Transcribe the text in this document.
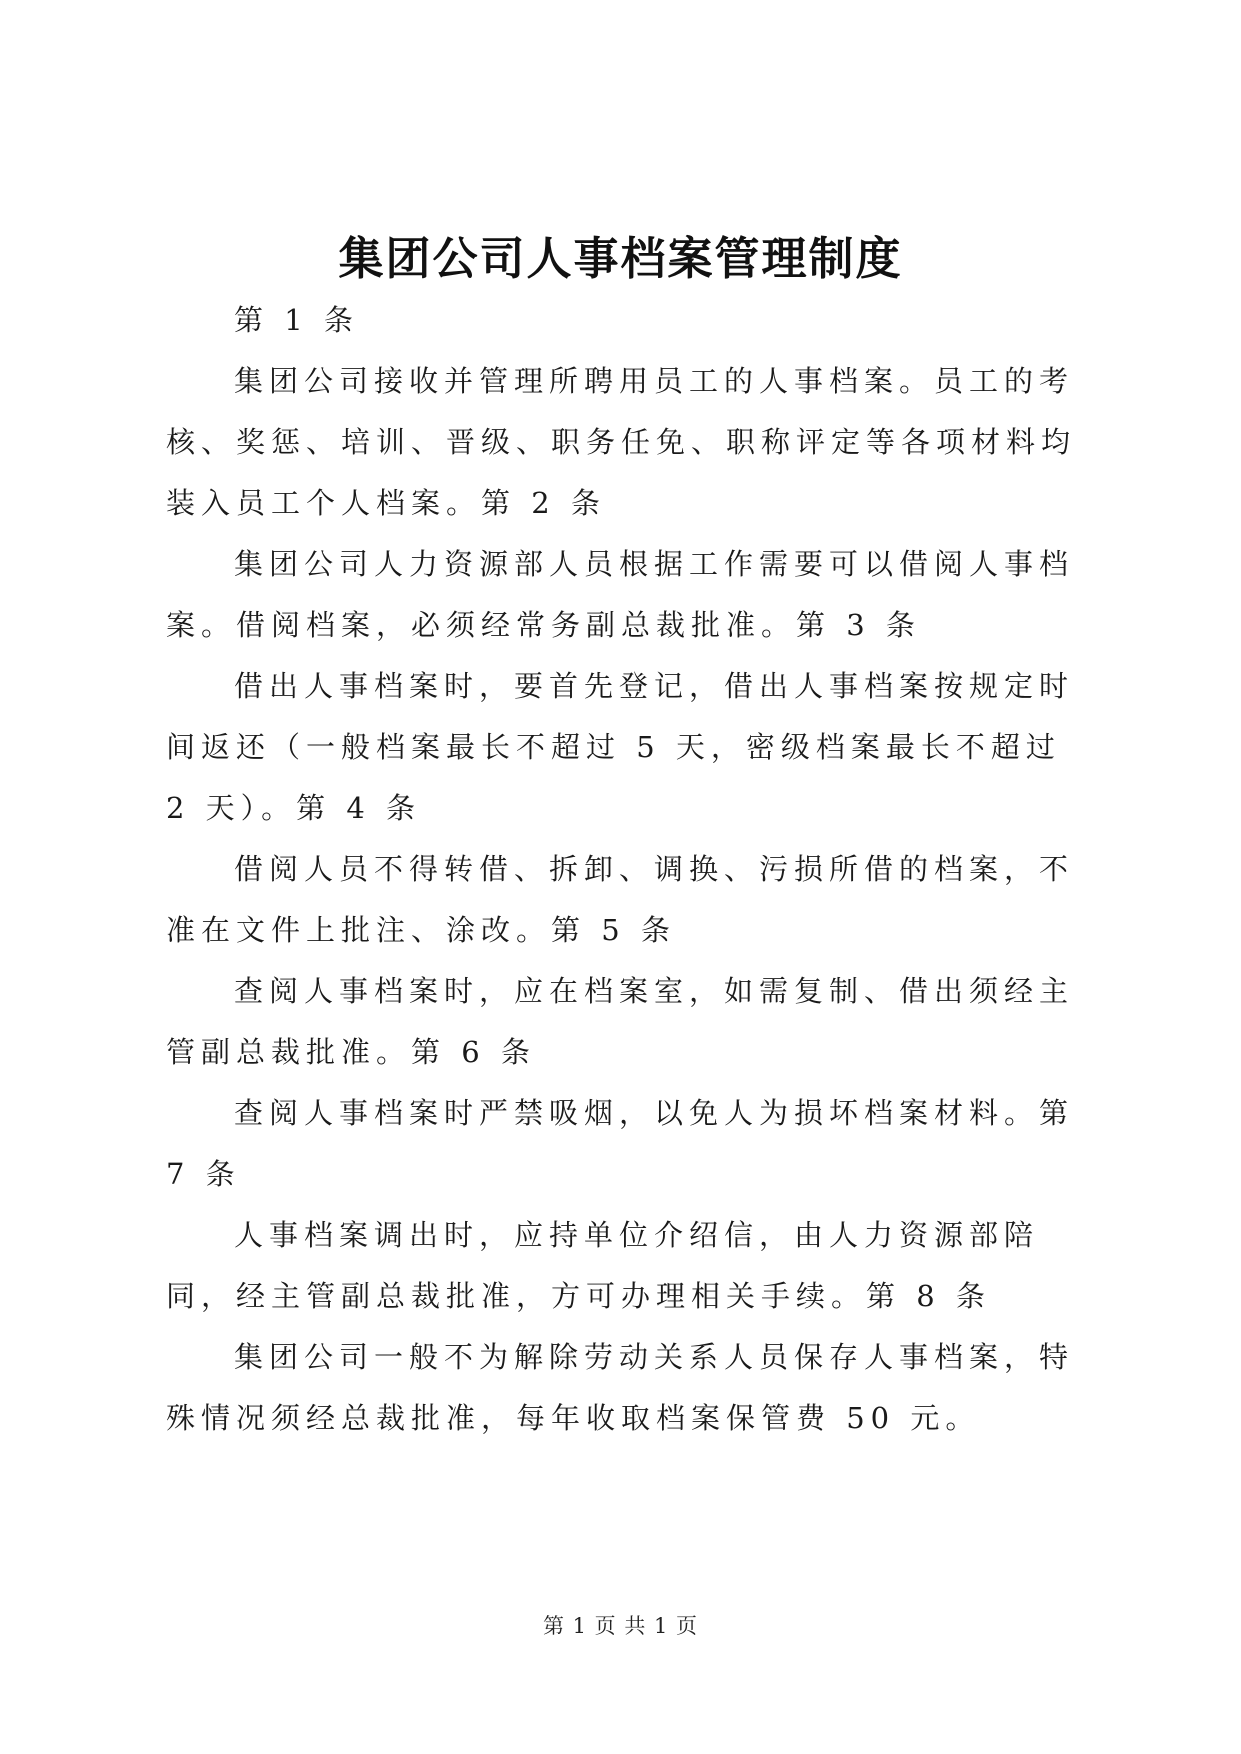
集团公司人事档案管理制度

第 1 条

集团公司接收并管理所聘用员工的人事档案。员工的考核、奖惩、培训、晋级、职务任免、职称评定等各项材料均装入员工个人档案。第 2 条

集团公司人力资源部人员根据工作需要可以借阅人事档案。借阅档案，必须经常务副总裁批准。第 3 条

借出人事档案时，要首先登记，借出人事档案按规定时间返还（一般档案最长不超过 5 天，密级档案最长不超过 2 天）。第 4 条

借阅人员不得转借、拆卸、调换、污损所借的档案，不准在文件上批注、涂改。第 5 条

查阅人事档案时，应在档案室，如需复制、借出须经主管副总裁批准。第 6 条

查阅人事档案时严禁吸烟，以免人为损坏档案材料。第 7 条

人事档案调出时，应持单位介绍信，由人力资源部陪同，经主管副总裁批准，方可办理相关手续。第 8 条

集团公司一般不为解除劳动关系人员保存人事档案，特殊情况须经总裁批准，每年收取档案保管费 50 元。

第 1 页 共 1 页
